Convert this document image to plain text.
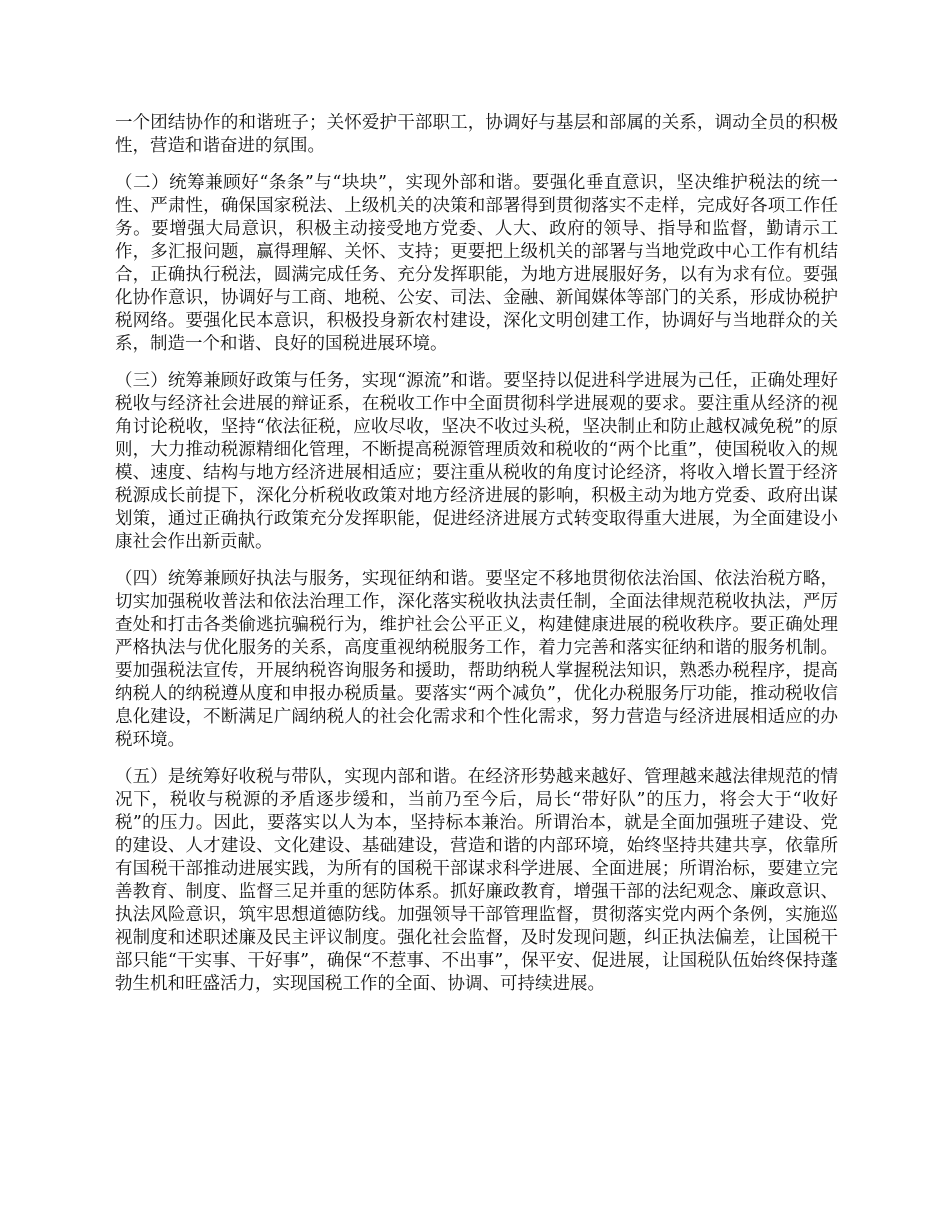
一个团结协作的和谐班子；关怀爱护干部职工，协调好与基层和部属的关系，调动全员的积极性，营造和谐奋进的氛围。

（二）统筹兼顾好“条条”与“块块”，实现外部和谐。要强化垂直意识，坚决维护税法的统一性、严肃性，确保国家税法、上级机关的决策和部署得到贯彻落实不走样，完成好各项工作任务。要增强大局意识，积极主动接受地方党委、人大、政府的领导、指导和监督，勤请示工作，多汇报问题，赢得理解、关怀、支持；更要把上级机关的部署与当地党政中心工作有机结合，正确执行税法，圆满完成任务、充分发挥职能，为地方进展服好务，以有为求有位。要强化协作意识，协调好与工商、地税、公安、司法、金融、新闻媒体等部门的关系，形成协税护税网络。要强化民本意识，积极投身新农村建设，深化文明创建工作，协调好与当地群众的关系，制造一个和谐、良好的国税进展环境。

（三）统筹兼顾好政策与任务，实现“源流”和谐。要坚持以促进科学进展为己任，正确处理好税收与经济社会进展的辩证系，在税收工作中全面贯彻科学进展观的要求。要注重从经济的视角讨论税收，坚持“依法征税，应收尽收，坚决不收过头税，坚决制止和防止越权减免税”的原则，大力推动税源精细化管理，不断提高税源管理质效和税收的“两个比重”，使国税收入的规模、速度、结构与地方经济进展相适应；要注重从税收的角度讨论经济，将收入增长置于经济税源成长前提下，深化分析税收政策对地方经济进展的影响，积极主动为地方党委、政府出谋划策，通过正确执行政策充分发挥职能，促进经济进展方式转变取得重大进展，为全面建设小康社会作出新贡献。

（四）统筹兼顾好执法与服务，实现征纳和谐。要坚定不移地贯彻依法治国、依法治税方略，切实加强税收普法和依法治理工作，深化落实税收执法责任制，全面法律规范税收执法，严厉查处和打击各类偷逃抗骗税行为，维护社会公平正义，构建健康进展的税收秩序。要正确处理严格执法与优化服务的关系，高度重视纳税服务工作，着力完善和落实征纳和谐的服务机制。要加强税法宣传，开展纳税咨询服务和援助，帮助纳税人掌握税法知识，熟悉办税程序，提高纳税人的纳税遵从度和申报办税质量。要落实“两个减负”，优化办税服务厅功能，推动税收信息化建设，不断满足广阔纳税人的社会化需求和个性化需求，努力营造与经济进展相适应的办税环境。

（五）是统筹好收税与带队，实现内部和谐。在经济形势越来越好、管理越来越法律规范的情况下，税收与税源的矛盾逐步缓和，当前乃至今后，局长“带好队”的压力，将会大于“收好税”的压力。因此，要落实以人为本，坚持标本兼治。所谓治本，就是全面加强班子建设、党的建设、人才建设、文化建设、基础建设，营造和谐的内部环境，始终坚持共建共享，依靠所有国税干部推动进展实践，为所有的国税干部谋求科学进展、全面进展；所谓治标，要建立完善教育、制度、监督三足并重的惩防体系。抓好廉政教育，增强干部的法纪观念、廉政意识、执法风险意识，筑牢思想道德防线。加强领导干部管理监督，贯彻落实党内两个条例，实施巡视制度和述职述廉及民主评议制度。强化社会监督，及时发现问题，纠正执法偏差，让国税干部只能“干实事、干好事”，确保“不惹事、不出事”，保平安、促进展，让国税队伍始终保持蓬勃生机和旺盛活力，实现国税工作的全面、协调、可持续进展。
